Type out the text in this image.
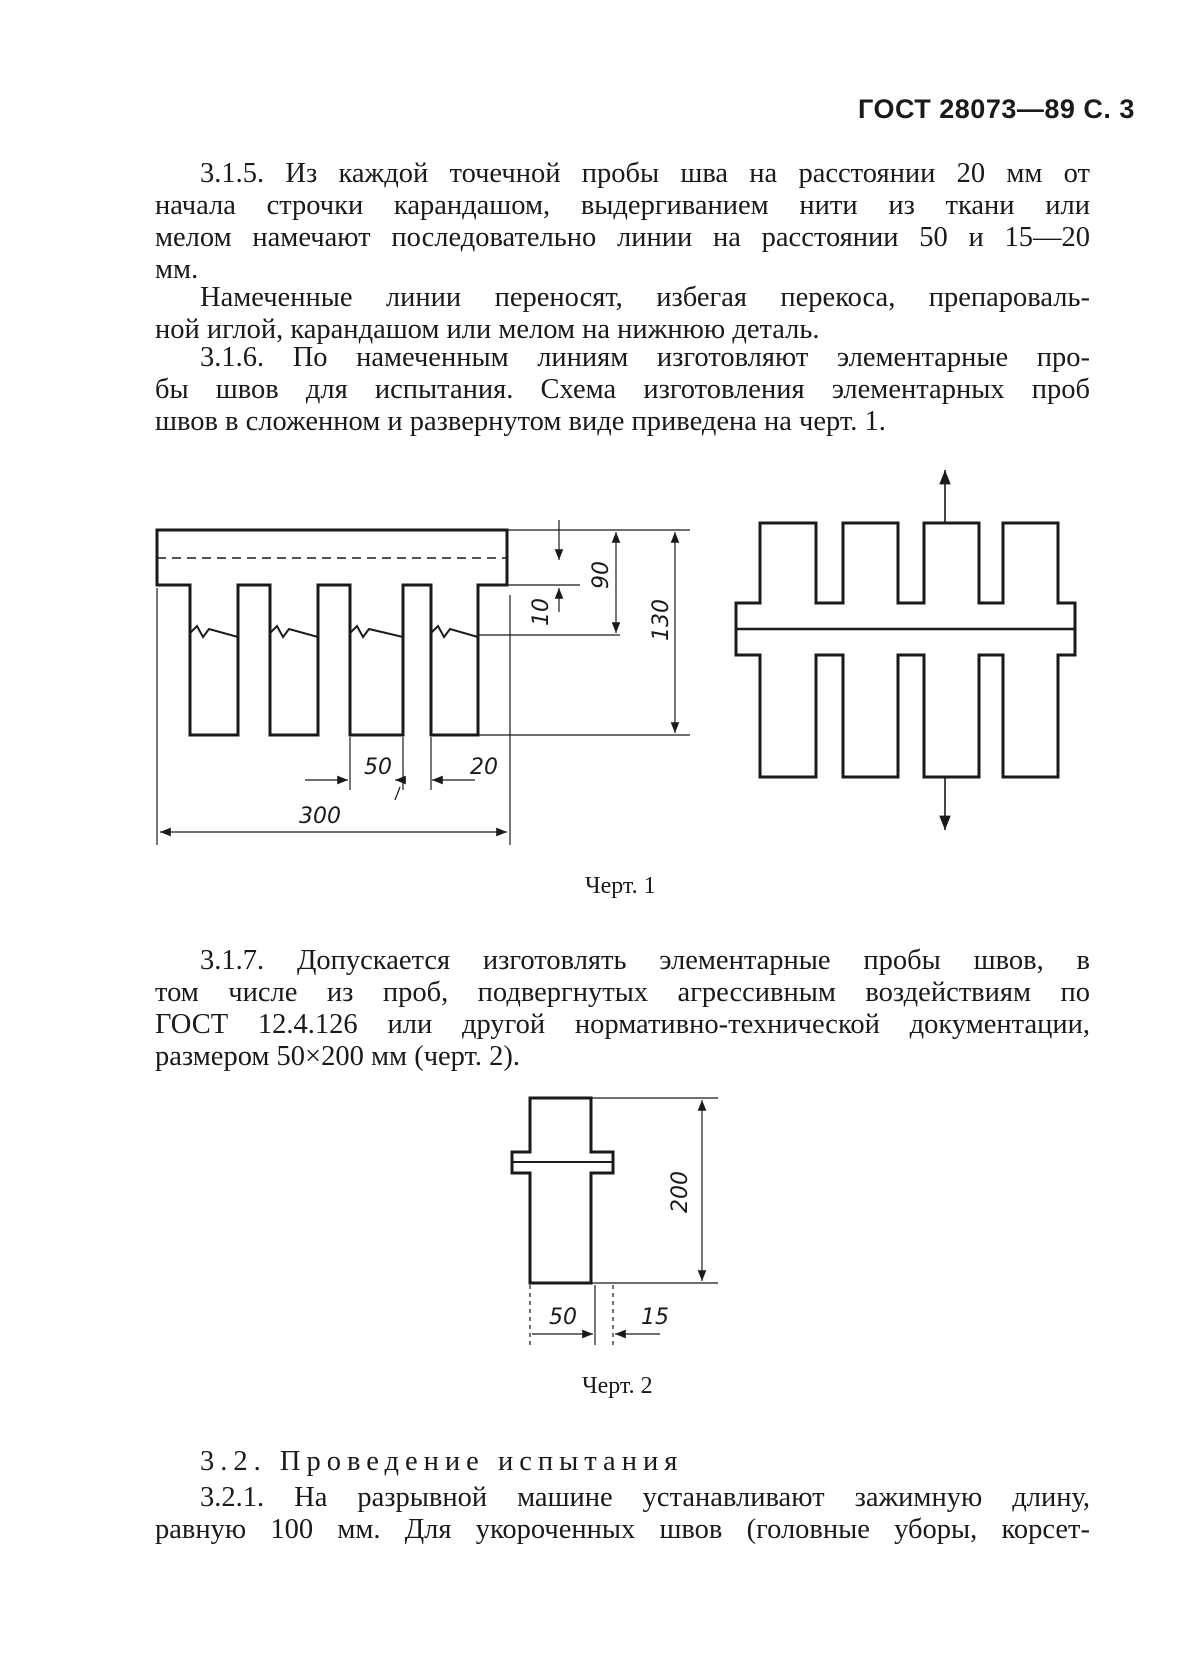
ГОСТ 28073—89 С. 3
3.1.5. Из каждой точечной пробы шва на расстоянии 20 мм от
начала строчки карандашом, выдергиванием нити из ткани или
мелом намечают последовательно линии на расстоянии 50 и 15—20
мм.
Намеченные линии переносят, избегая перекоса, препароваль-
ной иглой, карандашом или мелом на нижнюю деталь.
3.1.6. По намеченным линиям изготовляют элементарные про-
бы швов для испытания. Схема изготовления элементарных проб
швов в сложенном и развернутом виде приведена на черт. 1.
90
10	130
50	20
300
200
50	15
Черт. 1
3.1.7. Допускается изготовлять элементарные пробы швов, в
том числе из проб, подвергнутых агрессивным воздействиям по
ГОСТ 12.4.126 или другой нормативно-технической документации,
размером 50×200 мм (черт. 2).
Черт. 2
3.2. Проведение испытания
3.2.1. На разрывной машине устанавливают зажимную длину,
равную 100 мм. Для укороченных швов (головные уборы, корсет-
